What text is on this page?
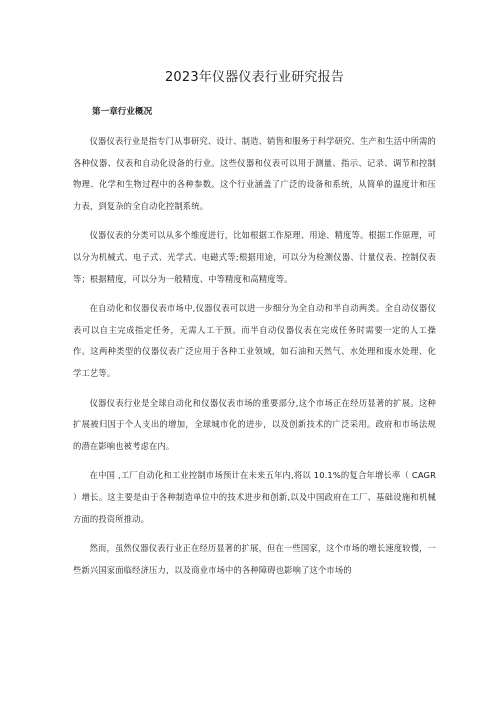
2023年仪器仪表行业研究报告
第一章行业概况

仪器仪表行业是指专门从事研究、设计、制造、销售和服务于科学研究、生产和生活中所需的各种仪器、仪表和自动化设备的行业。这些仪器和仪表可以用于测量、指示、记录、调节和控制物理、化学和生物过程中的各种参数。这个行业涵盖了广泛的设备和系统，从简单的温度计和压力表，到复杂的全自动化控制系统。

仪器仪表的分类可以从多个维度进行，比如根据工作原理、用途、精度等。根据工作原理，可以分为机械式、电子式、光学式、电磁式等;根据用途，可以分为检测仪器、计量仪表、控制仪表等；根据精度，可以分为一般精度、中等精度和高精度等。

在自动化和仪器仪表市场中,仪器仪表可以进一步细分为全自动和半自动两类。全自动仪器仪表可以自主完成指定任务，无需人工干预。而半自动仪器仪表在完成任务时需要一定的人工操作。这两种类型的仪器仪表广泛应用于各种工业领域，如石油和天然气、水处理和废水处理、化学工艺等。

仪器仪表行业是全球自动化和仪器仪表市场的重要部分,这个市场正在经历显著的扩展。这种扩展被归因于个人支出的增加，全球城市化的进步，以及创新技术的广泛采用。政府和市场法规的潜在影响也被考虑在内。

在中国 ,工厂自动化和工业控制市场预计在未来五年内,将以 10.1%的复合年增长率（ CAGR ）增长。这主要是由于各种制造单位中的技术进步和创新,以及中国政府在工厂、基础设施和机械方面的投资所推动。

然而，虽然仪器仪表行业正在经历显著的扩展，但在一些国家，这个市场的增长速度较慢，一些新兴国家面临经济压力，以及商业市场中的各种障碍也影响了这个市场的
